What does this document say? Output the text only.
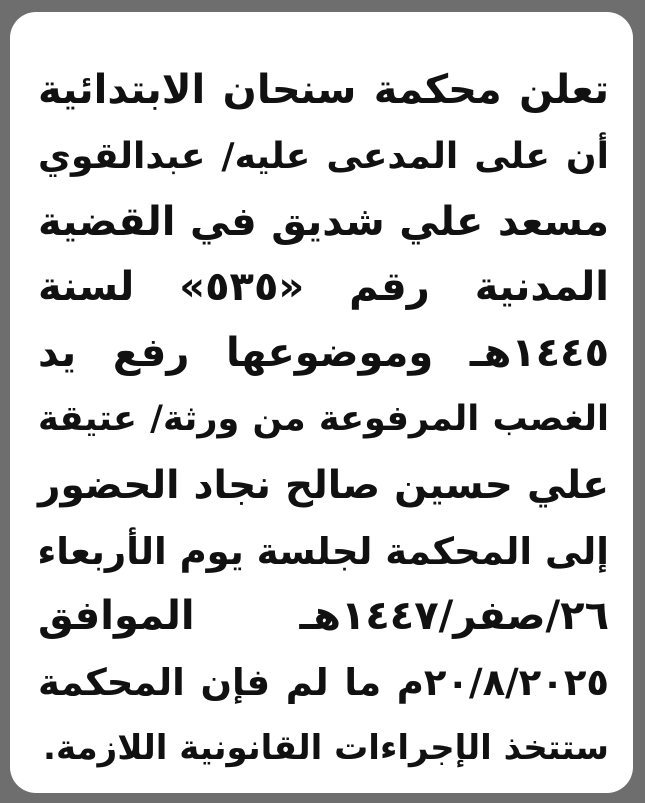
تعلن محكمة سنحان الابتدائية
أن على المدعى عليه/ عبدالقوي
مسعد علي شديق في القضية
المدنية رقم «٥٣٥» لسنة
١٤٤٥هـ وموضوعها رفع يد
الغصب المرفوعة من ورثة/ عتيقة
علي حسين صالح نجاد الحضور
إلى المحكمة لجلسة يوم الأربعاء
٢٦/صفر/١٤٤٧هـ الموافق
٢٠/٨/٢٠٢٥م ما لم فإن المحكمة
ستتخذ الإجراءات القانونية اللازمة.
